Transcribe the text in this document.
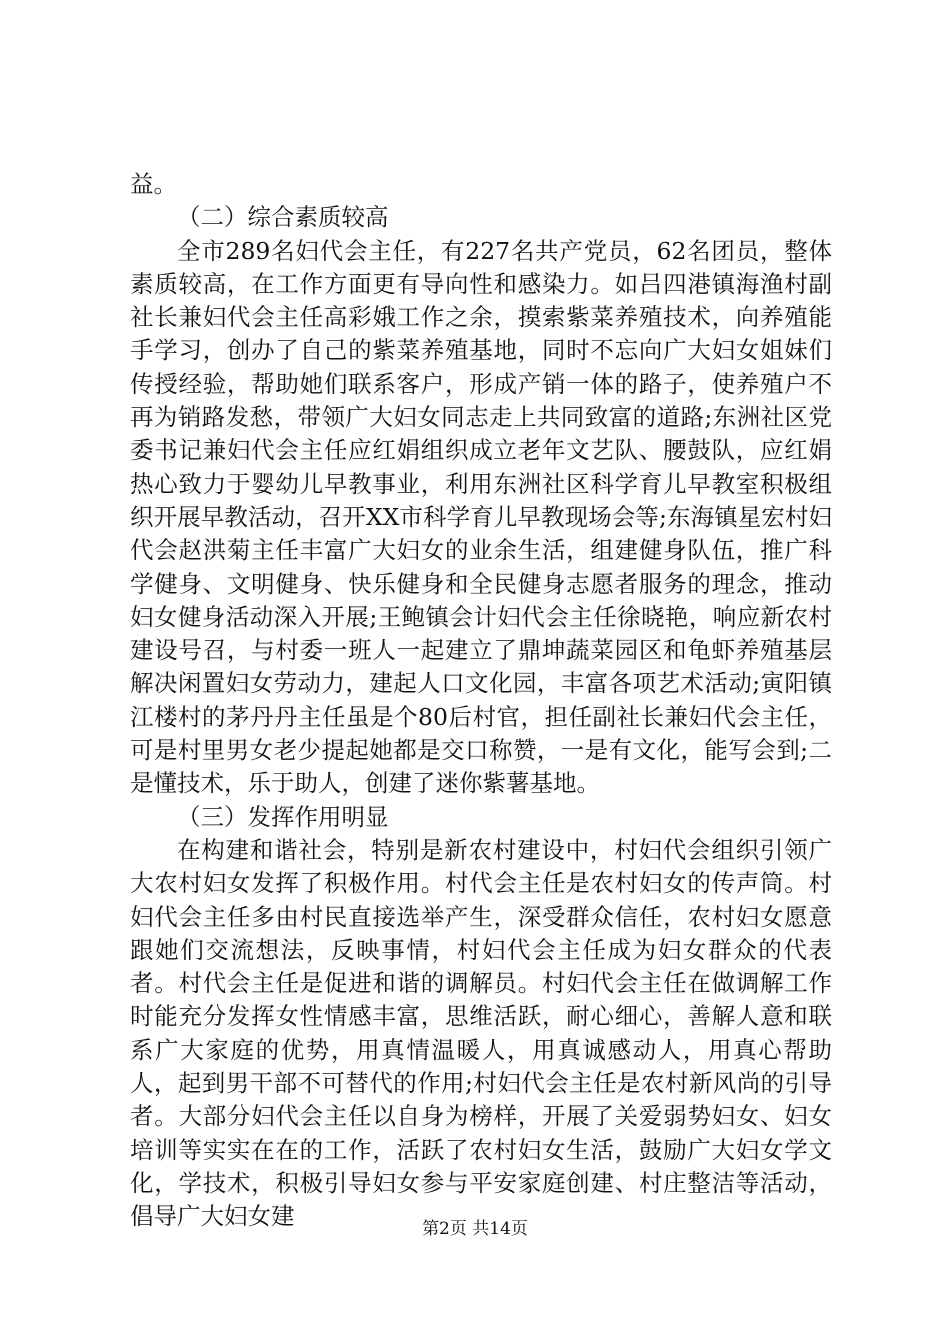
益。

（二）综合素质较高

全市289名妇代会主任，有227名共产党员，62名团员，整体素质较高，在工作方面更有导向性和感染力。如吕四港镇海渔村副社长兼妇代会主任高彩娥工作之余，摸索紫菜养殖技术，向养殖能手学习，创办了自己的紫菜养殖基地，同时不忘向广大妇女姐妹们传授经验，帮助她们联系客户，形成产销一体的路子，使养殖户不再为销路发愁，带领广大妇女同志走上共同致富的道路;东洲社区党委书记兼妇代会主任应红娟组织成立老年文艺队、腰鼓队，应红娟热心致力于婴幼儿早教事业，利用东洲社区科学育儿早教室积极组织开展早教活动，召开XX市科学育儿早教现场会等;东海镇星宏村妇代会赵洪菊主任丰富广大妇女的业余生活，组建健身队伍，推广科学健身、文明健身、快乐健身和全民健身志愿者服务的理念，推动妇女健身活动深入开展;王鲍镇会计妇代会主任徐晓艳，响应新农村建设号召，与村委一班人一起建立了鼎坤蔬菜园区和龟虾养殖基层解决闲置妇女劳动力，建起人口文化园，丰富各项艺术活动;寅阳镇江楼村的茅丹丹主任虽是个80后村官，担任副社长兼妇代会主任，可是村里男女老少提起她都是交口称赞，一是有文化，能写会到;二是懂技术，乐于助人，创建了迷你紫薯基地。

（三）发挥作用明显

在构建和谐社会，特别是新农村建设中，村妇代会组织引领广大农村妇女发挥了积极作用。村代会主任是农村妇女的传声筒。村妇代会主任多由村民直接选举产生，深受群众信任，农村妇女愿意跟她们交流想法，反映事情，村妇代会主任成为妇女群众的代表者。村代会主任是促进和谐的调解员。村妇代会主任在做调解工作时能充分发挥女性情感丰富，思维活跃，耐心细心，善解人意和联系广大家庭的优势，用真情温暖人，用真诚感动人，用真心帮助人，起到男干部不可替代的作用;村妇代会主任是农村新风尚的引导者。大部分妇代会主任以自身为榜样，开展了关爱弱势妇女、妇女培训等实实在在的工作，活跃了农村妇女生活，鼓励广大妇女学文化，学技术，积极引导妇女参与平安家庭创建、村庄整洁等活动，倡导广大妇女建	第2页 共14页
